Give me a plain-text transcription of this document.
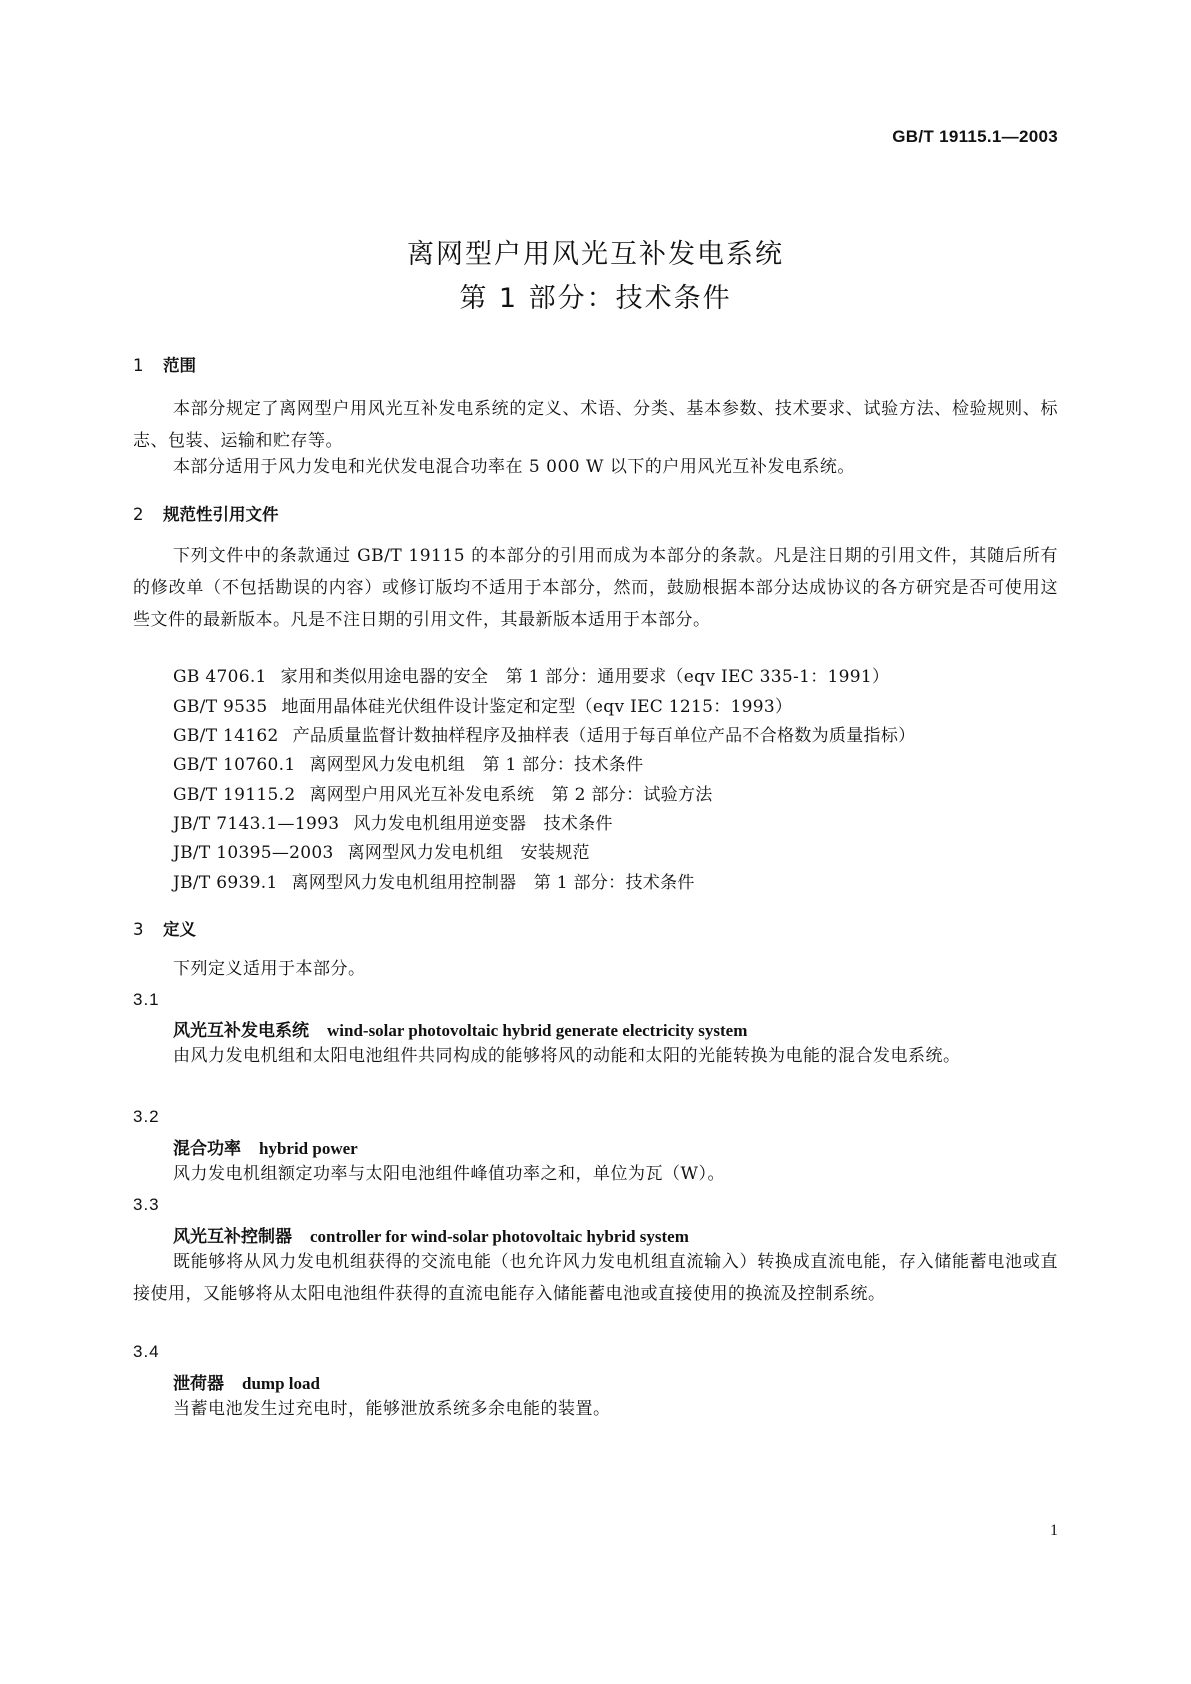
GB/T 19115.1—2003
离网型户用风光互补发电系统
第 1 部分：技术条件
1 范围
本部分规定了离网型户用风光互补发电系统的定义、术语、分类、基本参数、技术要求、试验方法、检验规则、标志、包装、运输和贮存等。
本部分适用于风力发电和光伏发电混合功率在 5 000 W 以下的户用风光互补发电系统。
2 规范性引用文件
下列文件中的条款通过 GB/T 19115 的本部分的引用而成为本部分的条款。凡是注日期的引用文件，其随后所有的修改单（不包括勘误的内容）或修订版均不适用于本部分，然而，鼓励根据本部分达成协议的各方研究是否可使用这些文件的最新版本。凡是不注日期的引用文件，其最新版本适用于本部分。
GB 4706.1 家用和类似用途电器的安全　第 1 部分：通用要求（eqv IEC 335-1：1991）
GB/T 9535 地面用晶体硅光伏组件设计鉴定和定型（eqv IEC 1215：1993）
GB/T 14162 产品质量监督计数抽样程序及抽样表（适用于每百单位产品不合格数为质量指标）
GB/T 10760.1 离网型风力发电机组　第 1 部分：技术条件
GB/T 19115.2 离网型户用风光互补发电系统　第 2 部分：试验方法
JB/T 7143.1—1993 风力发电机组用逆变器　技术条件
JB/T 10395—2003 离网型风力发电机组　安装规范
JB/T 6939.1 离网型风力发电机组用控制器　第 1 部分：技术条件
3 定义
下列定义适用于本部分。
3.1
风光互补发电系统 wind-solar photovoltaic hybrid generate electricity system
由风力发电机组和太阳电池组件共同构成的能够将风的动能和太阳的光能转换为电能的混合发电系统。
3.2
混合功率 hybrid power
风力发电机组额定功率与太阳电池组件峰值功率之和，单位为瓦（W）。
3.3
风光互补控制器 controller for wind-solar photovoltaic hybrid system
既能够将从风力发电机组获得的交流电能（也允许风力发电机组直流输入）转换成直流电能，存入储能蓄电池或直接使用，又能够将从太阳电池组件获得的直流电能存入储能蓄电池或直接使用的换流及控制系统。
3.4
泄荷器 dump load
当蓄电池发生过充电时，能够泄放系统多余电能的装置。
1
